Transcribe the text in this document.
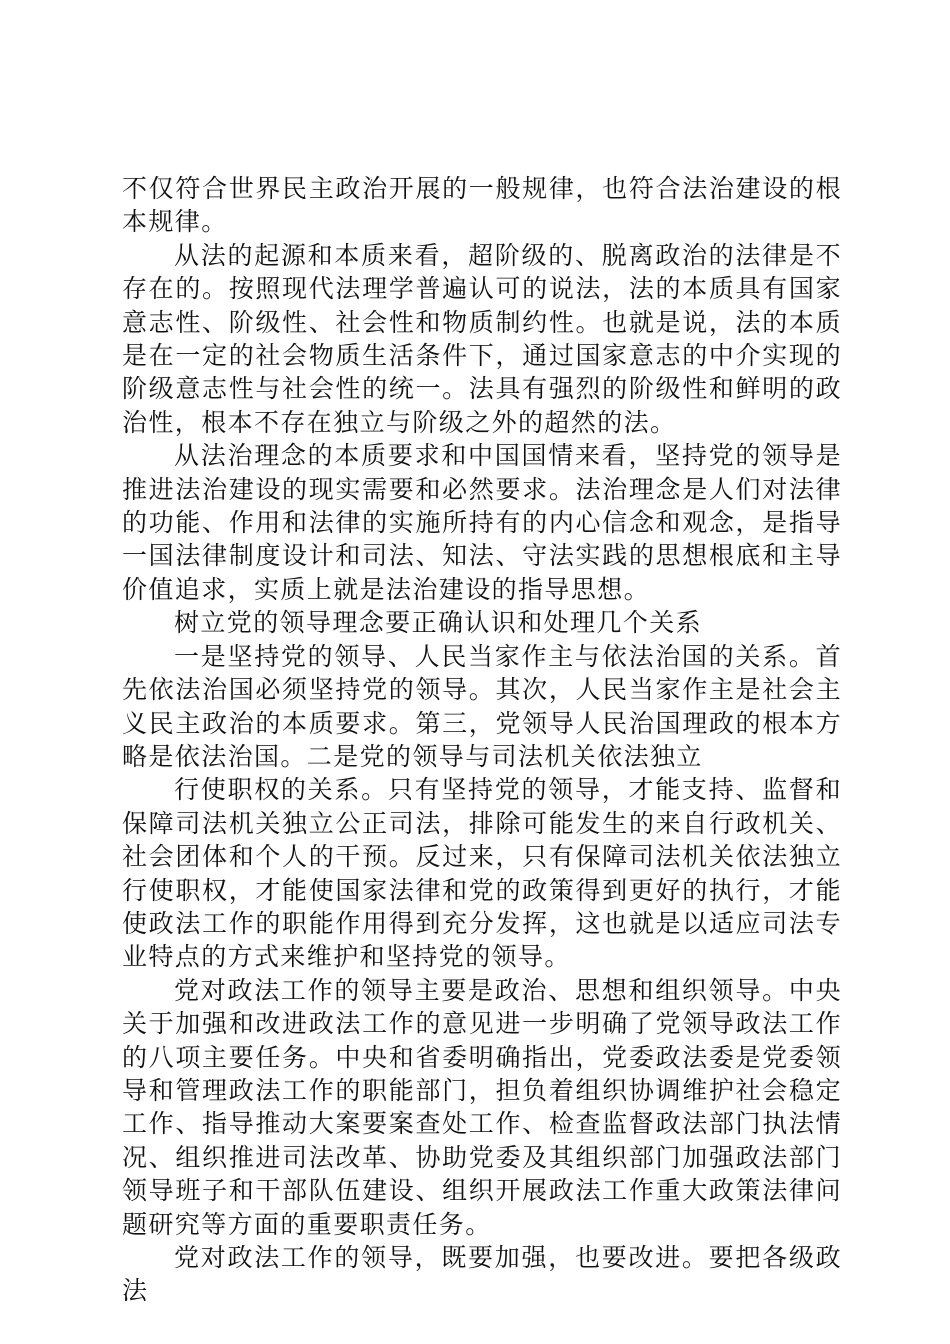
不仅符合世界民主政治开展的一般规律，也符合法治建设的根本规律。

从法的起源和本质来看，超阶级的、脱离政治的法律是不存在的。按照现代法理学普遍认可的说法，法的本质具有国家意志性、阶级性、社会性和物质制约性。也就是说，法的本质是在一定的社会物质生活条件下，通过国家意志的中介实现的阶级意志性与社会性的统一。法具有强烈的阶级性和鲜明的政治性，根本不存在独立与阶级之外的超然的法。

从法治理念的本质要求和中国国情来看，坚持党的领导是推进法治建设的现实需要和必然要求。法治理念是人们对法律的功能、作用和法律的实施所持有的内心信念和观念，是指导一国法律制度设计和司法、知法、守法实践的思想根底和主导价值追求，实质上就是法治建设的指导思想。

树立党的领导理念要正确认识和处理几个关系

一是坚持党的领导、人民当家作主与依法治国的关系。首先依法治国必须坚持党的领导。其次，人民当家作主是社会主义民主政治的本质要求。第三，党领导人民治国理政的根本方略是依法治国。二是党的领导与司法机关依法独立

行使职权的关系。只有坚持党的领导，才能支持、监督和保障司法机关独立公正司法，排除可能发生的来自行政机关、社会团体和个人的干预。反过来，只有保障司法机关依法独立行使职权，才能使国家法律和党的政策得到更好的执行，才能使政法工作的职能作用得到充分发挥，这也就是以适应司法专业特点的方式来维护和坚持党的领导。

党对政法工作的领导主要是政治、思想和组织领导。中央关于加强和改进政法工作的意见进一步明确了党领导政法工作的八项主要任务。中央和省委明确指出，党委政法委是党委领导和管理政法工作的职能部门，担负着组织协调维护社会稳定工作、指导推动大案要案查处工作、检查监督政法部门执法情况、组织推进司法改革、协助党委及其组织部门加强政法部门领导班子和干部队伍建设、组织开展政法工作重大政策法律问题研究等方面的重要职责任务。

党对政法工作的领导，既要加强，也要改进。要把各级政法
